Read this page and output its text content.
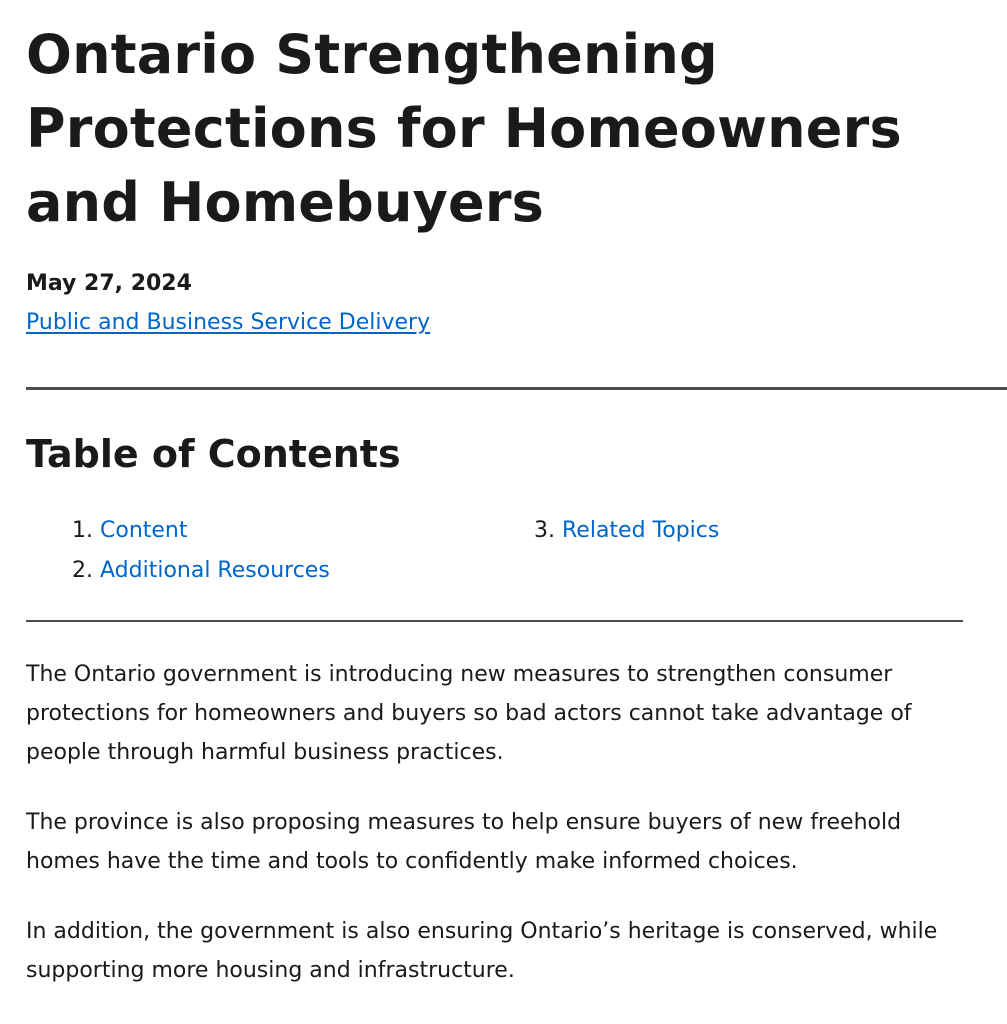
Ontario Strengthening Protections for Homeowners and Homebuyers
May 27, 2024
Public and Business Service Delivery
Table of Contents
1. Content
2. Additional Resources
3. Related Topics

The Ontario government is introducing new measures to strengthen consumer protections for homeowners and buyers so bad actors cannot take advantage of people through harmful business practices.

The province is also proposing measures to help ensure buyers of new freehold homes have the time and tools to confidently make informed choices.

In addition, the government is also ensuring Ontario’s heritage is conserved, while supporting more housing and infrastructure.
